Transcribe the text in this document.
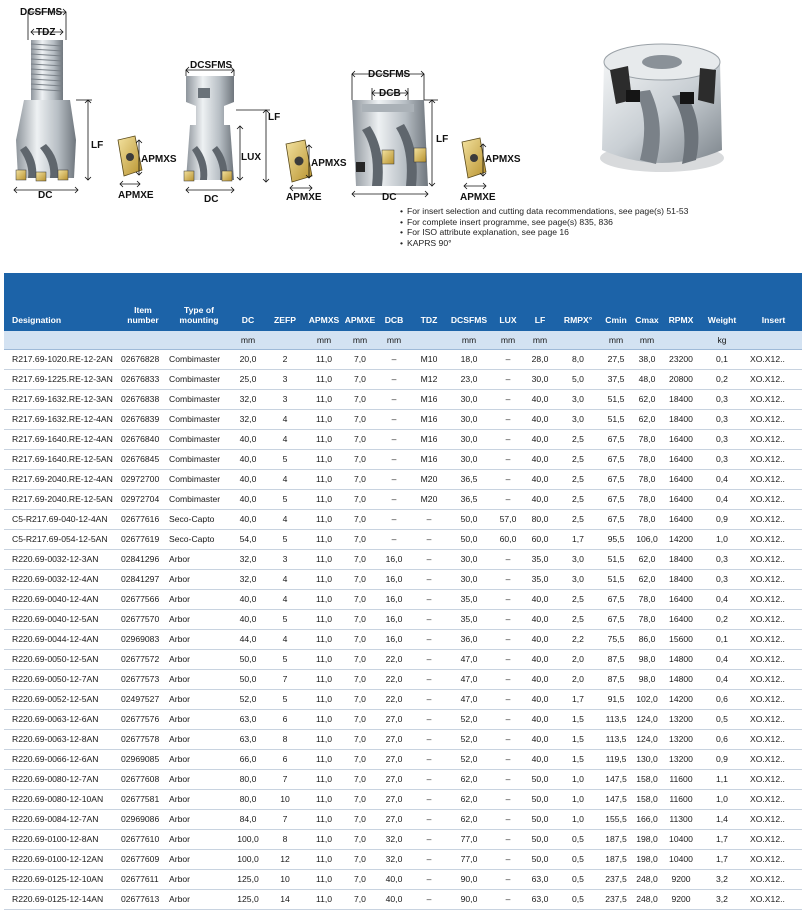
DCSFMS
TDZ
LF
DC
APMXS
APMXE
DCSFMS
LUX
LF
DC
APMXS
APMXE
DCSFMS
DCB
LF
DC
APMXS
APMXE
• For insert selection and cutting data recommendations, see page(s) 51-53
• For complete insert programme, see page(s) 835, 836
• For ISO attribute explanation, see page 16
• KAPRS 90°
Designation	Item number	Type of mounting	DC	ZEFP	APMXS	APMXE	DCB	TDZ	DCSFMS	LUX	LF	RMPX°	Cmin	Cmax	RPMX	Weight	Insert
			mm		mm	mm	mm		mm	mm	mm		mm	mm		kg	
R217.69-1020.RE-12-2AN	02676828	Combimaster	20,0	2	11,0	7,0	–	M10	18,0	–	28,0	8,0	27,5	38,0	23200	0,1	XO.X12..
R217.69-1225.RE-12-3AN	02676833	Combimaster	25,0	3	11,0	7,0	–	M12	23,0	–	30,0	5,0	37,5	48,0	20800	0,2	XO.X12..
R217.69-1632.RE-12-3AN	02676838	Combimaster	32,0	3	11,0	7,0	–	M16	30,0	–	40,0	3,0	51,5	62,0	18400	0,3	XO.X12..
R217.69-1632.RE-12-4AN	02676839	Combimaster	32,0	4	11,0	7,0	–	M16	30,0	–	40,0	3,0	51,5	62,0	18400	0,3	XO.X12..
R217.69-1640.RE-12-4AN	02676840	Combimaster	40,0	4	11,0	7,0	–	M16	30,0	–	40,0	2,5	67,5	78,0	16400	0,3	XO.X12..
R217.69-1640.RE-12-5AN	02676845	Combimaster	40,0	5	11,0	7,0	–	M16	30,0	–	40,0	2,5	67,5	78,0	16400	0,3	XO.X12..
R217.69-2040.RE-12-4AN	02972700	Combimaster	40,0	4	11,0	7,0	–	M20	36,5	–	40,0	2,5	67,5	78,0	16400	0,4	XO.X12..
R217.69-2040.RE-12-5AN	02972704	Combimaster	40,0	5	11,0	7,0	–	M20	36,5	–	40,0	2,5	67,5	78,0	16400	0,4	XO.X12..
C5-R217.69-040-12-4AN	02677616	Seco-Capto	40,0	4	11,0	7,0	–	–	50,0	57,0	80,0	2,5	67,5	78,0	16400	0,9	XO.X12..
C5-R217.69-054-12-5AN	02677619	Seco-Capto	54,0	5	11,0	7,0	–	–	50,0	60,0	60,0	1,7	95,5	106,0	14200	1,0	XO.X12..
R220.69-0032-12-3AN	02841296	Arbor	32,0	3	11,0	7,0	16,0	–	30,0	–	35,0	3,0	51,5	62,0	18400	0,3	XO.X12..
R220.69-0032-12-4AN	02841297	Arbor	32,0	4	11,0	7,0	16,0	–	30,0	–	35,0	3,0	51,5	62,0	18400	0,3	XO.X12..
R220.69-0040-12-4AN	02677566	Arbor	40,0	4	11,0	7,0	16,0	–	35,0	–	40,0	2,5	67,5	78,0	16400	0,4	XO.X12..
R220.69-0040-12-5AN	02677570	Arbor	40,0	5	11,0	7,0	16,0	–	35,0	–	40,0	2,5	67,5	78,0	16400	0,2	XO.X12..
R220.69-0044-12-4AN	02969083	Arbor	44,0	4	11,0	7,0	16,0	–	36,0	–	40,0	2,2	75,5	86,0	15600	0,1	XO.X12..
R220.69-0050-12-5AN	02677572	Arbor	50,0	5	11,0	7,0	22,0	–	47,0	–	40,0	2,0	87,5	98,0	14800	0,4	XO.X12..
R220.69-0050-12-7AN	02677573	Arbor	50,0	7	11,0	7,0	22,0	–	47,0	–	40,0	2,0	87,5	98,0	14800	0,4	XO.X12..
R220.69-0052-12-5AN	02497527	Arbor	52,0	5	11,0	7,0	22,0	–	47,0	–	40,0	1,7	91,5	102,0	14200	0,6	XO.X12..
R220.69-0063-12-6AN	02677576	Arbor	63,0	6	11,0	7,0	27,0	–	52,0	–	40,0	1,5	113,5	124,0	13200	0,5	XO.X12..
R220.69-0063-12-8AN	02677578	Arbor	63,0	8	11,0	7,0	27,0	–	52,0	–	40,0	1,5	113,5	124,0	13200	0,6	XO.X12..
R220.69-0066-12-6AN	02969085	Arbor	66,0	6	11,0	7,0	27,0	–	52,0	–	40,0	1,5	119,5	130,0	13200	0,9	XO.X12..
R220.69-0080-12-7AN	02677608	Arbor	80,0	7	11,0	7,0	27,0	–	62,0	–	50,0	1,0	147,5	158,0	11600	1,1	XO.X12..
R220.69-0080-12-10AN	02677581	Arbor	80,0	10	11,0	7,0	27,0	–	62,0	–	50,0	1,0	147,5	158,0	11600	1,0	XO.X12..
R220.69-0084-12-7AN	02969086	Arbor	84,0	7	11,0	7,0	27,0	–	62,0	–	50,0	1,0	155,5	166,0	11300	1,4	XO.X12..
R220.69-0100-12-8AN	02677610	Arbor	100,0	8	11,0	7,0	32,0	–	77,0	–	50,0	0,5	187,5	198,0	10400	1,7	XO.X12..
R220.69-0100-12-12AN	02677609	Arbor	100,0	12	11,0	7,0	32,0	–	77,0	–	50,0	0,5	187,5	198,0	10400	1,7	XO.X12..
R220.69-0125-12-10AN	02677611	Arbor	125,0	10	11,0	7,0	40,0	–	90,0	–	63,0	0,5	237,5	248,0	9200	3,2	XO.X12..
R220.69-0125-12-14AN	02677613	Arbor	125,0	14	11,0	7,0	40,0	–	90,0	–	63,0	0,5	237,5	248,0	9200	3,2	XO.X12..
